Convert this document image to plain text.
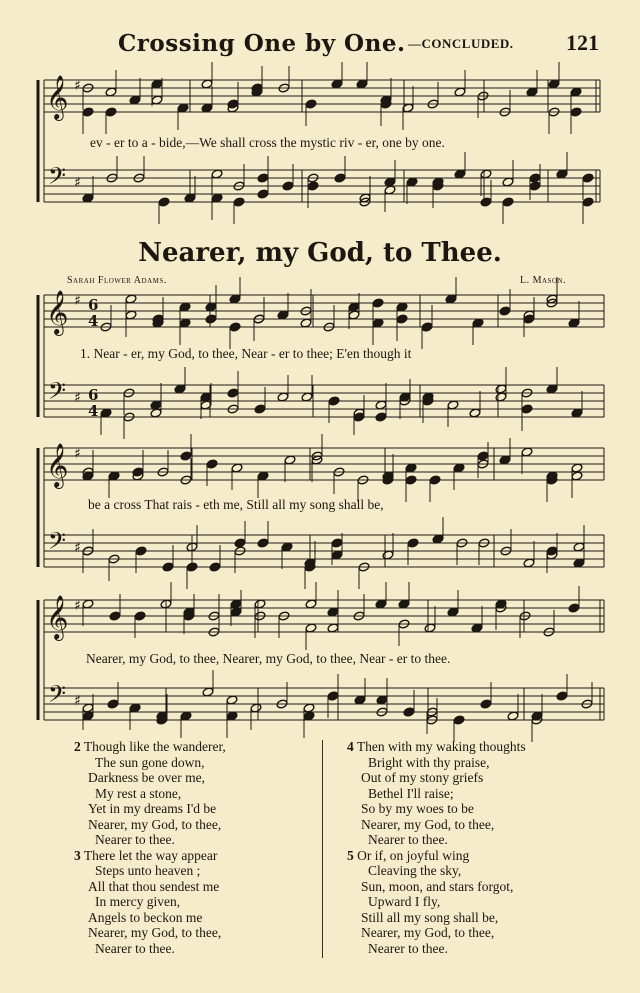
Crossing One by One. —CONCLUDED. 121
𝄞
𝄢
♯
♯
𝄞
𝄢
♯
♯
6
4
6
4
𝄞
𝄢
♯
♯
𝄞
𝄢
♯
♯
ev - er to a - bide,—We shall cross the mystic riv - er, one by one.
Nearer, my God, to Thee.
Sarah Flower Adams.	L. Mason.
1. Near - er, my God, to thee, Near - er to thee; E'en though it
be a cross That rais - eth me, Still all my song shall be,
Nearer, my God, to thee, Nearer, my God, to thee, Near - er to thee.
2 Though like the wanderer,
The sun gone down,
Darkness be over me,
My rest a stone,
Yet in my dreams I'd be
Nearer, my God, to thee,
Nearer to thee.
3 There let the way appear
Steps unto heaven ;
All that thou sendest me
In mercy given,
Angels to beckon me
Nearer, my God, to thee,
Nearer to thee.
4 Then with my waking thoughts
Bright with thy praise,
Out of my stony griefs
Bethel I'll raise;
So by my woes to be
Nearer, my God, to thee,
Nearer to thee.
5 Or if, on joyful wing
Cleaving the sky,
Sun, moon, and stars forgot,
Upward I fly,
Still all my song shall be,
Nearer, my God, to thee,
Nearer to thee.
